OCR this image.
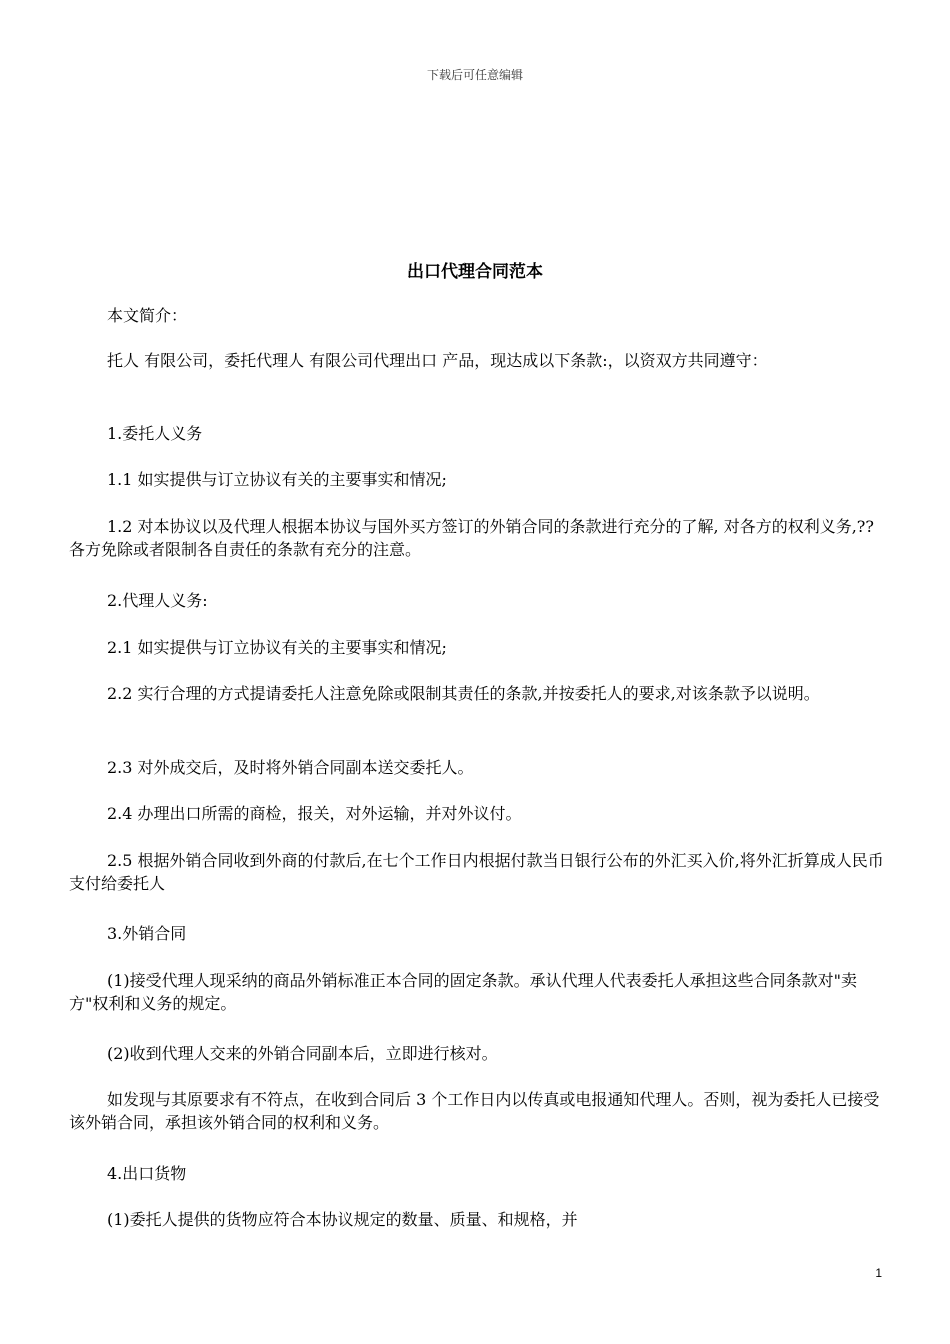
下载后可任意编辑
出口代理合同范本
本文简介：
托人 有限公司，委托代理人 有限公司代理出口 产品，现达成以下条款:，以资双方共同遵守：
1.委托人义务
1.1 如实提供与订立协议有关的主要事实和情况;
1.2 对本协议以及代理人根据本协议与国外买方签订的外销合同的条款进行充分的了解, 对各方的权利义务,?? 各方免除或者限制各自责任的条款有充分的注意。
2.代理人义务:
2.1 如实提供与订立协议有关的主要事实和情况;
2.2 实行合理的方式提请委托人注意免除或限制其责任的条款,并按委托人的要求,对该条款予以说明。
2.3 对外成交后，及时将外销合同副本送交委托人。
2.4 办理出口所需的商检，报关，对外运输，并对外议付。
2.5 根据外销合同收到外商的付款后,在七个工作日内根据付款当日银行公布的外汇买入价,将外汇折算成人民币支付给委托人
3.外销合同
(1)接受代理人现采纳的商品外销标准正本合同的固定条款。承认代理人代表委托人承担这些合同条款对"卖方"权利和义务的规定。
(2)收到代理人交来的外销合同副本后，立即进行核对。
如发现与其原要求有不符点，在收到合同后 3 个工作日内以传真或电报通知代理人。否则，视为委托人已接受该外销合同，承担该外销合同的权利和义务。
4.出口货物
(1)委托人提供的货物应符合本协议规定的数量、质量、和规格，并
1
